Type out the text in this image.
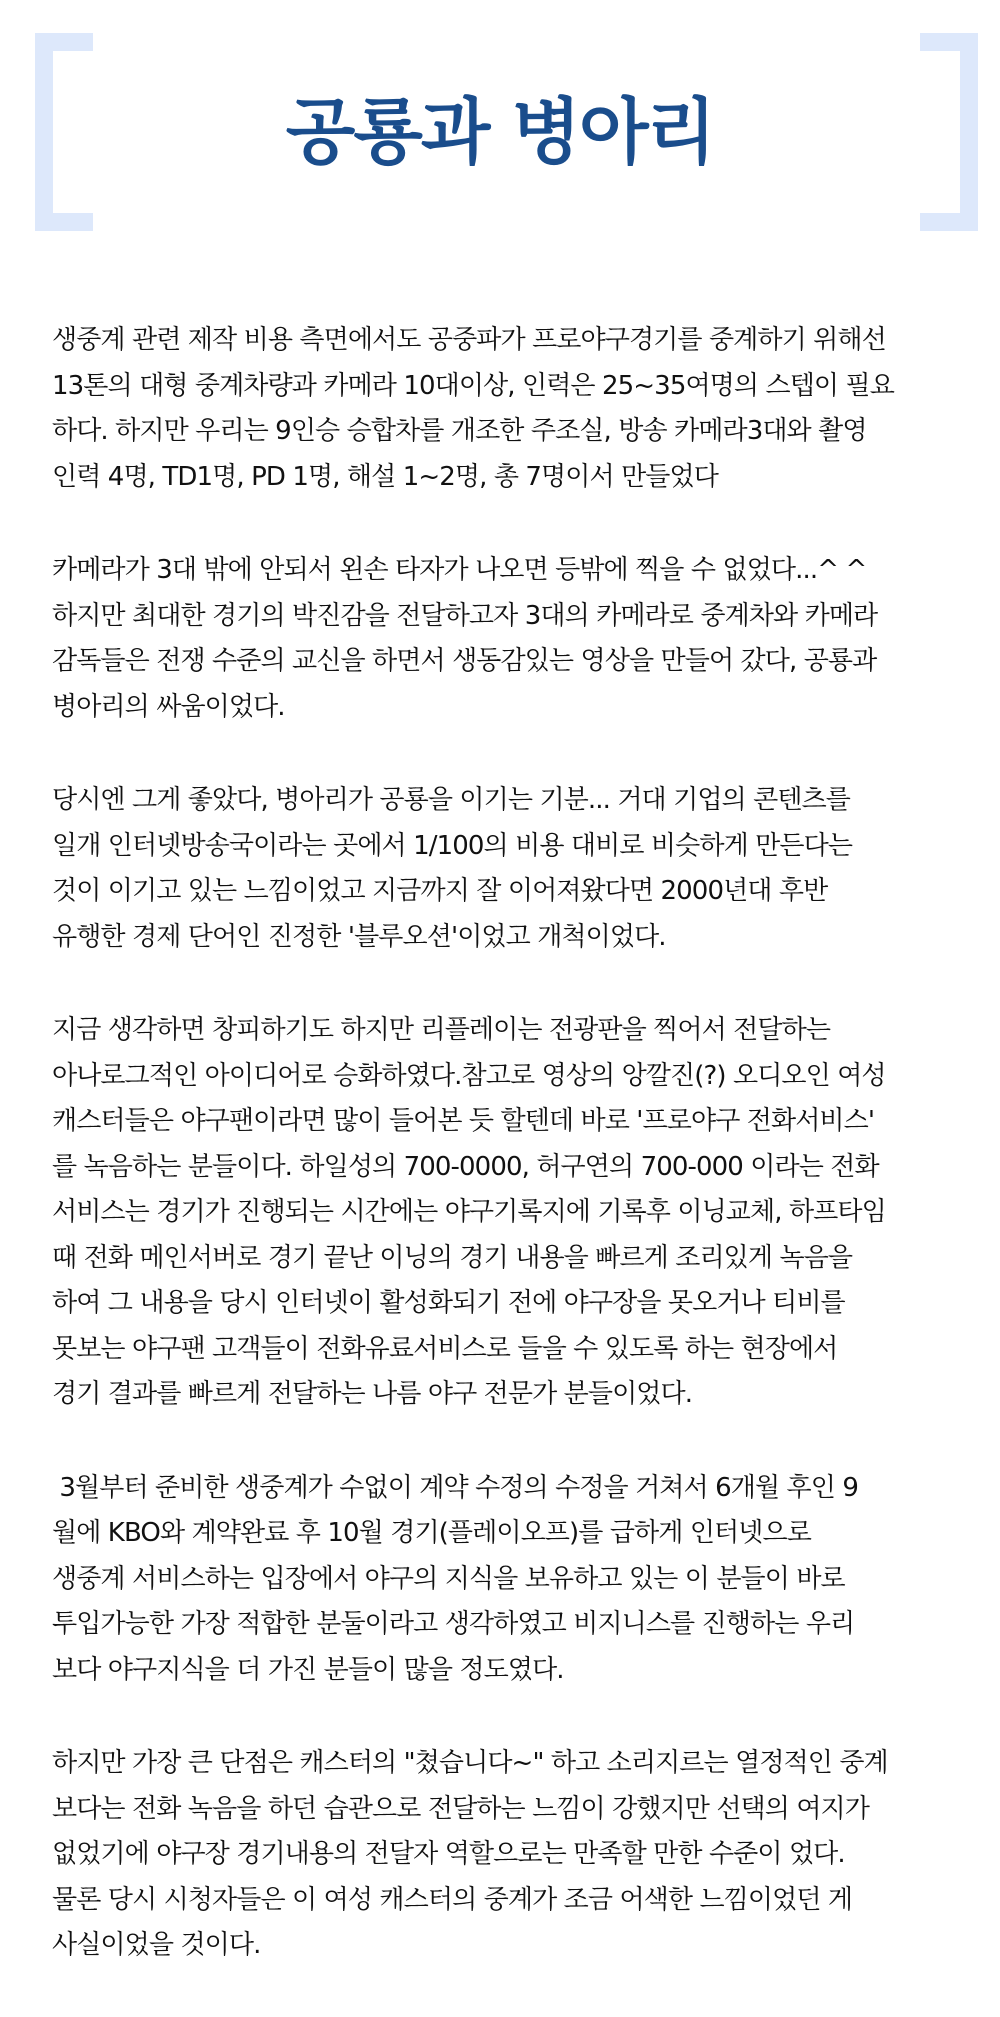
공룡과 병아리

생중계 관련 제작 비용 측면에서도 공중파가 프로야구경기를 중계하기 위해선
13톤의 대형 중계차량과 카메라 10대이상, 인력은 25~35여명의 스텝이 필요
하다. 하지만 우리는 9인승 승합차를 개조한 주조실, 방송 카메라3대와 촬영
인력 4명, TD1명, PD 1명, 해설 1~2명, 총 7명이서 만들었다

카메라가 3대 밖에 안되서 왼손 타자가 나오면 등밖에 찍을 수 없었다...^ ^
하지만 최대한 경기의 박진감을 전달하고자 3대의 카메라로 중계차와 카메라
감독들은 전쟁 수준의 교신을 하면서 생동감있는 영상을 만들어 갔다, 공룡과
병아리의 싸움이었다.

당시엔 그게 좋았다, 병아리가 공룡을 이기는 기분... 거대 기업의 콘텐츠를
일개 인터넷방송국이라는 곳에서 1/100의 비용 대비로 비슷하게 만든다는
것이 이기고 있는 느낌이었고 지금까지 잘 이어져왔다면 2000년대 후반
유행한 경제 단어인 진정한 '블루오션'이었고 개척이었다.

지금 생각하면 창피하기도 하지만 리플레이는 전광판을 찍어서 전달하는
아나로그적인 아이디어로 승화하였다.참고로 영상의 앙깔진(?) 오디오인 여성
캐스터들은 야구팬이라면 많이 들어본 듯 할텐데 바로 '프로야구 전화서비스'
를 녹음하는 분들이다. 하일성의 700-0000, 허구연의 700-000 이라는 전화
서비스는 경기가 진행되는 시간에는 야구기록지에 기록후 이닝교체, 하프타임
때 전화 메인서버로 경기 끝난 이닝의 경기 내용을 빠르게 조리있게 녹음을
하여 그 내용을 당시 인터넷이 활성화되기 전에 야구장을 못오거나 티비를
못보는 야구팬 고객들이 전화유료서비스로 들을 수 있도록 하는 현장에서
경기 결과를 빠르게 전달하는 나름 야구 전문가 분들이었다.

3월부터 준비한 생중계가 수없이 계약 수정의 수정을 거쳐서 6개월 후인 9
월에 KBO와 계약완료 후 10월 경기(플레이오프)를 급하게 인터넷으로
생중계 서비스하는 입장에서 야구의 지식을 보유하고 있는 이 분들이 바로
투입가능한 가장 적합한 분둘이라고 생각하였고 비지니스를 진행하는 우리
보다 야구지식을 더 가진 분들이 많을 정도였다.

하지만 가장 큰 단점은 캐스터의 "쳤습니다~" 하고 소리지르는 열정적인 중계
보다는 전화 녹음을 하던 습관으로 전달하는 느낌이 강했지만 선택의 여지가
없었기에 야구장 경기내용의 전달자 역할으로는 만족할 만한 수준이 었다.
물론 당시 시청자들은 이 여성 캐스터의 중계가 조금 어색한 느낌이었던 게
사실이었을 것이다.
